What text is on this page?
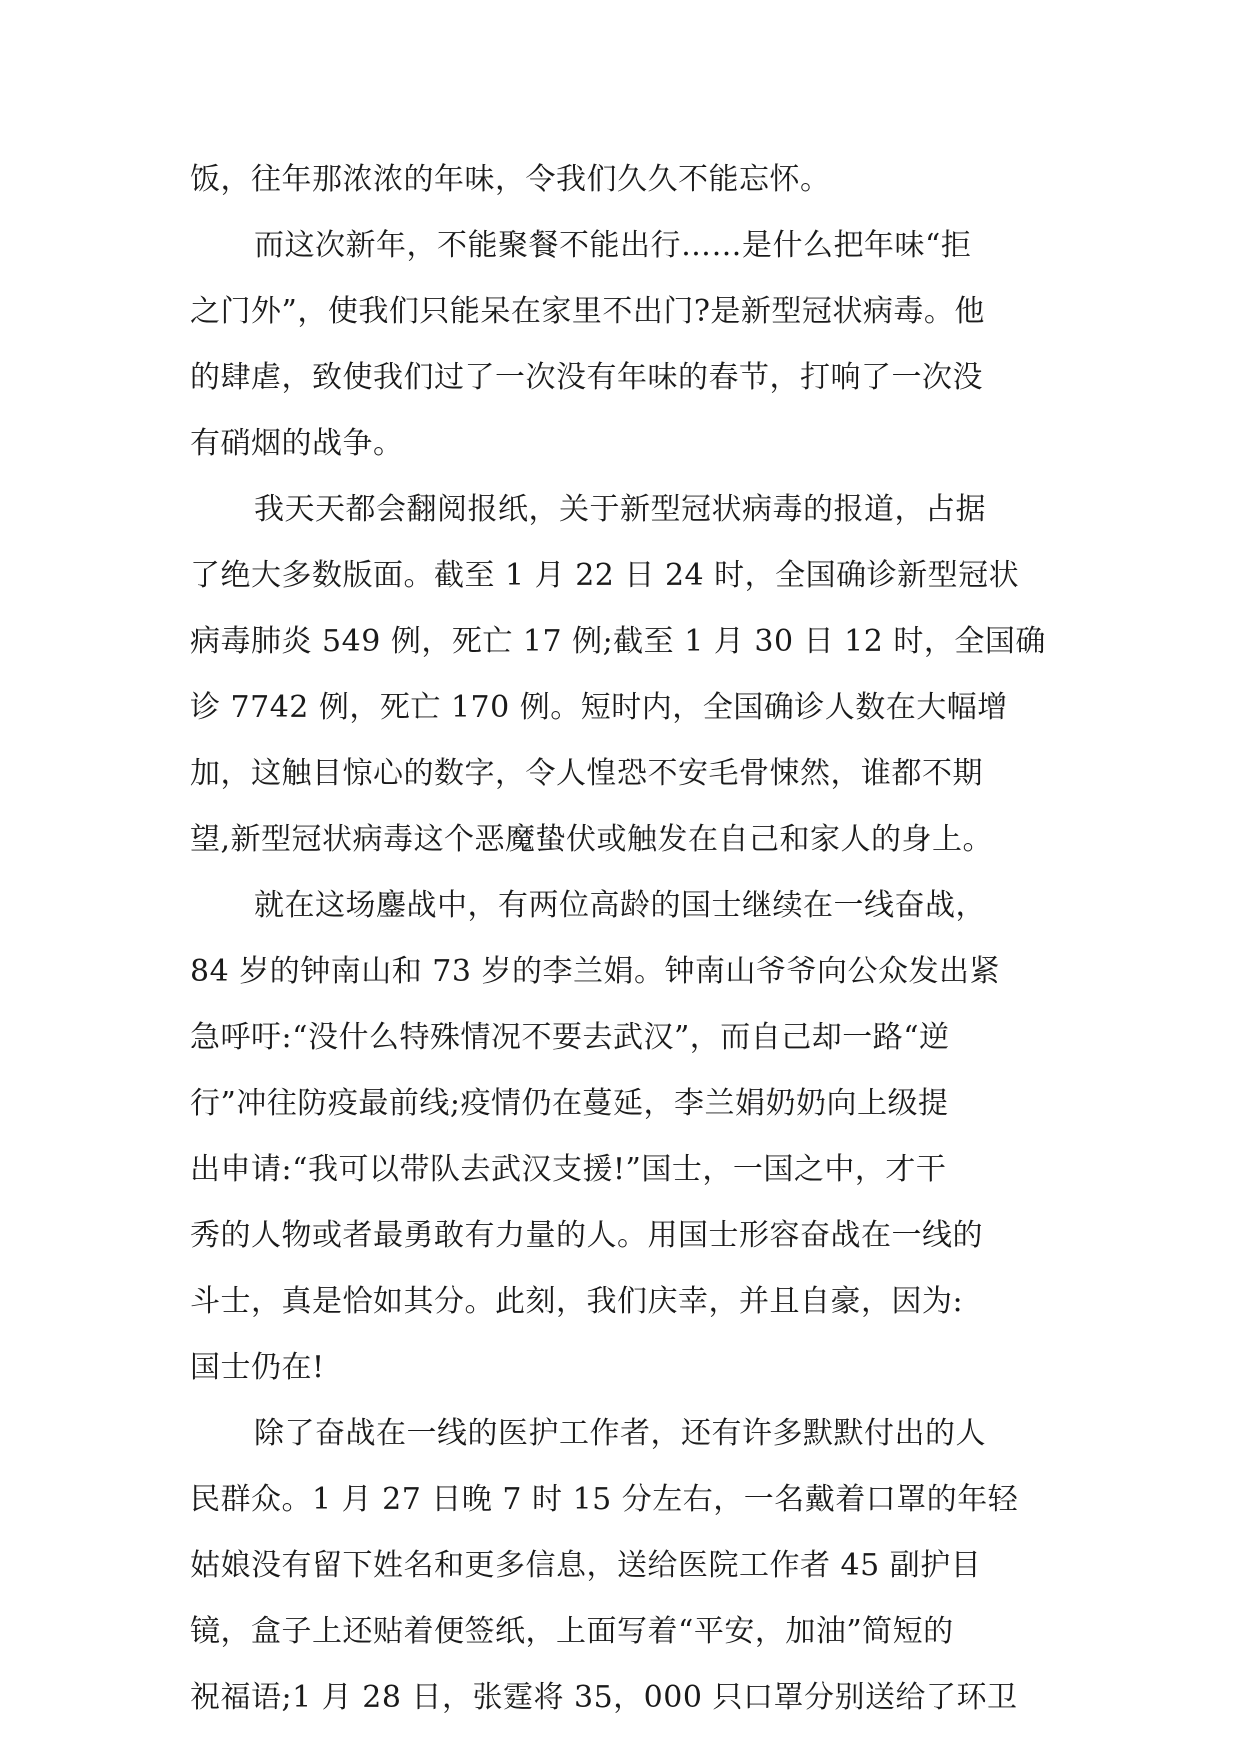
饭，往年那浓浓的年味，令我们久久不能忘怀。
而这次新年，不能聚餐不能出行……是什么把年味“拒
之门外”，使我们只能呆在家里不出门?是新型冠状病毒。他
的肆虐，致使我们过了一次没有年味的春节，打响了一次没
有硝烟的战争。
我天天都会翻阅报纸，关于新型冠状病毒的报道，占据
了绝大多数版面。截至 1 月 22 日 24 时，全国确诊新型冠状
病毒肺炎 549 例，死亡 17 例;截至 1 月 30 日 12 时，全国确
诊 7742 例，死亡 170 例。短时内，全国确诊人数在大幅增
加，这触目惊心的数字，令人惶恐不安毛骨悚然，谁都不期
望,新型冠状病毒这个恶魔蛰伏或触发在自己和家人的身上。
就在这场鏖战中，有两位高龄的国士继续在一线奋战，
84 岁的钟南山和 73 岁的李兰娟。钟南山爷爷向公众发出紧
急呼吁:“没什么特殊情况不要去武汉”，而自己却一路“逆
行”冲往防疫最前线;疫情仍在蔓延，李兰娟奶奶向上级提
出申请:“我可以带队去武汉支援!”国士，一国之中，才干
秀的人物或者最勇敢有力量的人。用国士形容奋战在一线的
斗士，真是恰如其分。此刻，我们庆幸，并且自豪，因为:
国士仍在!
除了奋战在一线的医护工作者，还有许多默默付出的人
民群众。1 月 27 日晚 7 时 15 分左右，一名戴着口罩的年轻
姑娘没有留下姓名和更多信息，送给医院工作者 45 副护目
镜，盒子上还贴着便签纸，上面写着“平安，加油”简短的
祝福语;1 月 28 日，张霆将 35，000 只口罩分别送给了环卫
